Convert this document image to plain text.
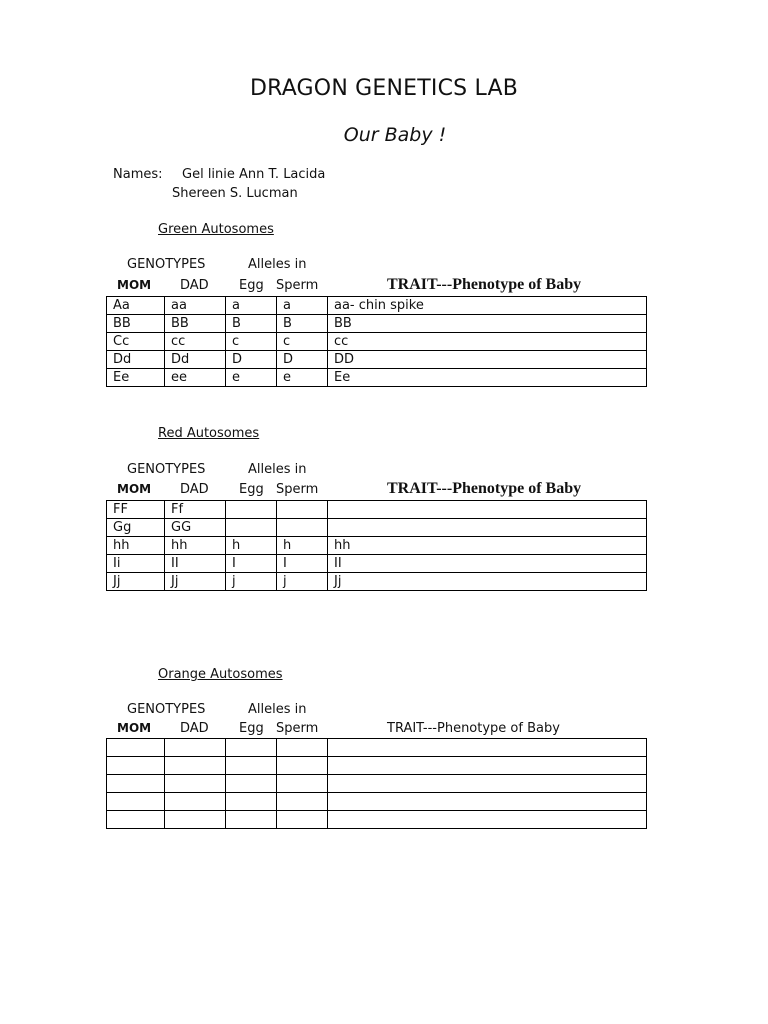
DRAGON GENETICS LAB
Our Baby !
Names: Gel linie Ann T. Lacida
Shereen S. Lucman
Green Autosomes
GENOTYPES	Alleles in
MOM DAD Egg Sperm	TRAIT---Phenotype of Baby
Aa	aa	a	a	aa- chin spike
BB	BB	B	B	BB
Cc	cc	c	c	cc
Dd	Dd	D	D	DD
Ee	ee	e	e	Ee
Red Autosomes
GENOTYPES	Alleles in
MOM DAD Egg Sperm	TRAIT---Phenotype of Baby
FF	Ff			
Gg	GG			
hh	hh	h	h	hh
Ii	II	I	I	II
Jj	Jj	j	j	Jj
Orange Autosomes
GENOTYPES	Alleles in
MOM DAD Egg Sperm	TRAIT---Phenotype of Baby
